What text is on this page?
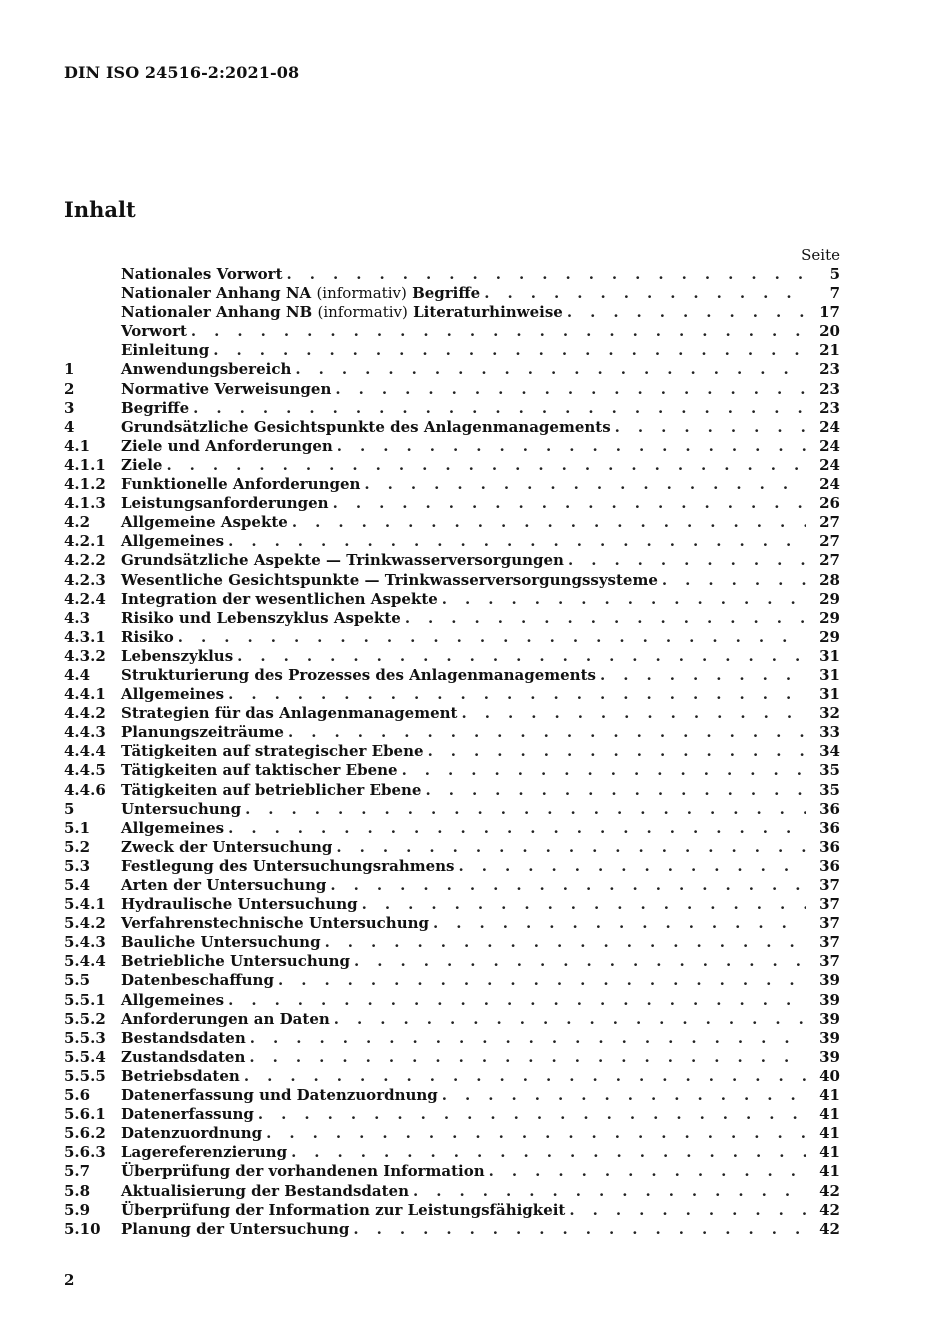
DIN ISO 24516-2:2021-08
Inhalt
Seite
Nationales Vorwort . . .	5
Nationaler Anhang NA (informativ) Begriffe . . .	7
Nationaler Anhang NB (informativ) Literaturhinweise . . .	17
Vorwort . . .	20
Einleitung . . .	21
1	Anwendungsbereich . . .	23
2	Normative Verweisungen . . .	23
3	Begriffe . . .	23
4	Grundsätzliche Gesichtspunkte des Anlagenmanagements . . .	24
4.1	Ziele und Anforderungen . . .	24
4.1.1	Ziele . . .	24
4.1.2	Funktionelle Anforderungen . . .	24
4.1.3	Leistungsanforderungen . . .	26
4.2	Allgemeine Aspekte . . .	27
4.2.1	Allgemeines . . .	27
4.2.2	Grundsätzliche Aspekte — Trinkwasserversorgungen . . .	27
4.2.3	Wesentliche Gesichtspunkte — Trinkwasserversorgungssysteme . . .	28
4.2.4	Integration der wesentlichen Aspekte . . .	29
4.3	Risiko und Lebenszyklus Aspekte . . .	29
4.3.1	Risiko . . .	29
4.3.2	Lebenszyklus . . .	31
4.4	Strukturierung des Prozesses des Anlagenmanagements . . .	31
4.4.1	Allgemeines . . .	31
4.4.2	Strategien für das Anlagenmanagement . . .	32
4.4.3	Planungszeiträume . . .	33
4.4.4	Tätigkeiten auf strategischer Ebene . . .	34
4.4.5	Tätigkeiten auf taktischer Ebene . . .	35
4.4.6	Tätigkeiten auf betrieblicher Ebene . . .	35
5	Untersuchung . . .	36
5.1	Allgemeines . . .	36
5.2	Zweck der Untersuchung . . .	36
5.3	Festlegung des Untersuchungsrahmens . . .	36
5.4	Arten der Untersuchung . . .	37
5.4.1	Hydraulische Untersuchung . . .	37
5.4.2	Verfahrenstechnische Untersuchung . . .	37
5.4.3	Bauliche Untersuchung . . .	37
5.4.4	Betriebliche Untersuchung . . .	37
5.5	Datenbeschaffung . . .	39
5.5.1	Allgemeines . . .	39
5.5.2	Anforderungen an Daten . . .	39
5.5.3	Bestandsdaten . . .	39
5.5.4	Zustandsdaten . . .	39
5.5.5	Betriebsdaten . . .	40
5.6	Datenerfassung und Datenzuordnung . . .	41
5.6.1	Datenerfassung . . .	41
5.6.2	Datenzuordnung . . .	41
5.6.3	Lagereferenzierung . . .	41
5.7	Überprüfung der vorhandenen Information . . .	41
5.8	Aktualisierung der Bestandsdaten . . .	42
5.9	Überprüfung der Information zur Leistungsfähigkeit . . .	42
5.10	Planung der Untersuchung . . .	42
2
